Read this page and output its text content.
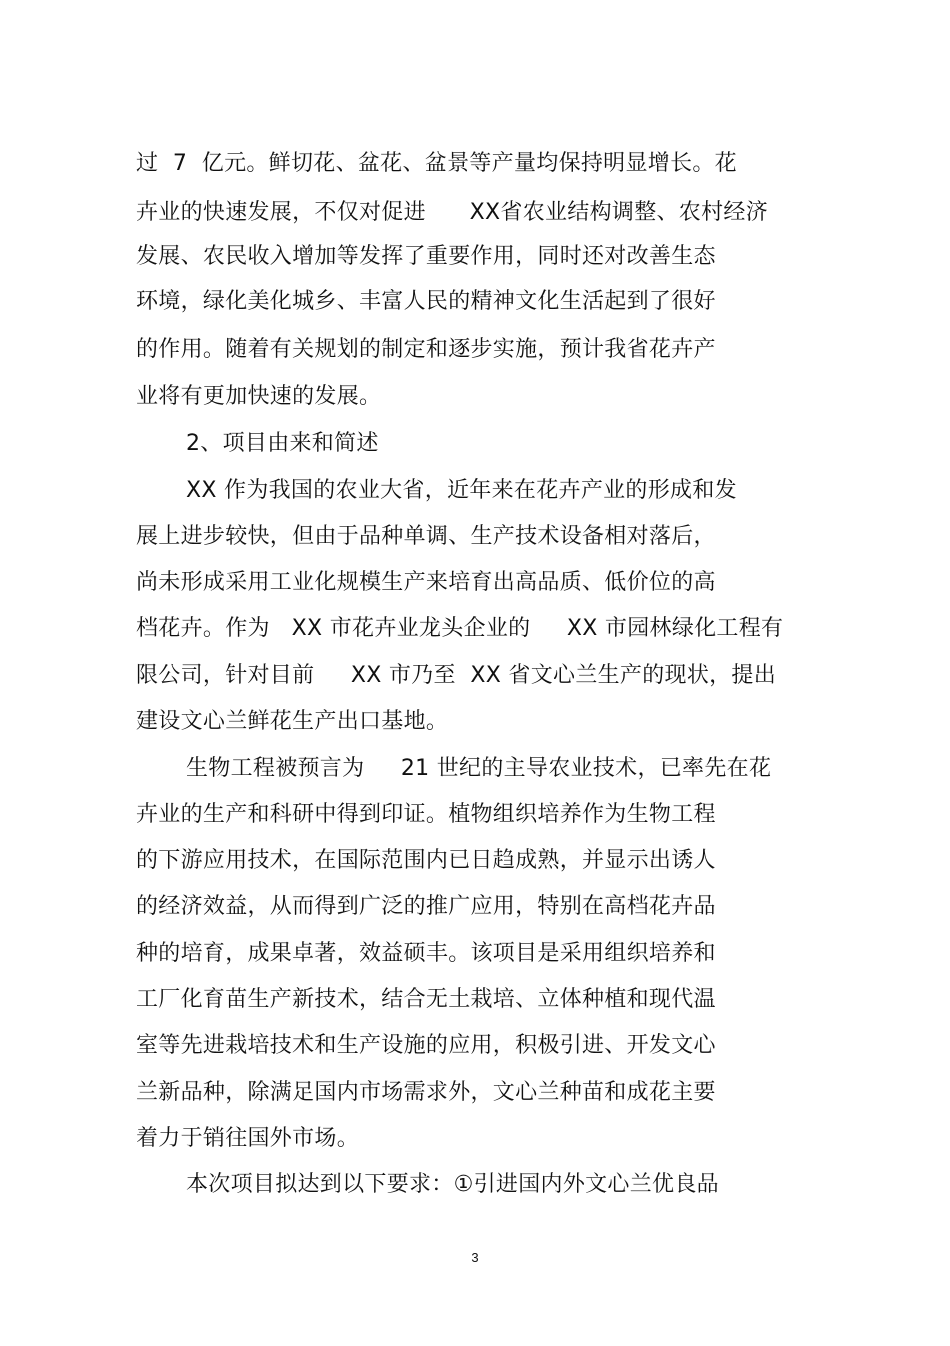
过  7  亿元。鲜切花、盆花、盆景等产量均保持明显增长。花
卉业的快速发展，不仅对促进      XX省农业结构调整、农村经济
发展、农民收入增加等发挥了重要作用，同时还对改善生态
环境，绿化美化城乡、丰富人民的精神文化生活起到了很好
的作用。随着有关规划的制定和逐步实施，预计我省花卉产
业将有更加快速的发展。
2、项目由来和简述
XX 作为我国的农业大省，近年来在花卉产业的形成和发
展上进步较快，但由于品种单调、生产技术设备相对落后，
尚未形成采用工业化规模生产来培育出高品质、低价位的高
档花卉。作为   XX 市花卉业龙头企业的     XX 市园林绿化工程有
限公司，针对目前     XX 市乃至  XX 省文心兰生产的现状，提出
建设文心兰鲜花生产出口基地。
生物工程被预言为     21 世纪的主导农业技术，已率先在花
卉业的生产和科研中得到印证。植物组织培养作为生物工程
的下游应用技术，在国际范围内已日趋成熟，并显示出诱人
的经济效益，从而得到广泛的推广应用，特别在高档花卉品
种的培育，成果卓著，效益硕丰。该项目是采用组织培养和
工厂化育苗生产新技术，结合无土栽培、立体种植和现代温
室等先进栽培技术和生产设施的应用，积极引进、开发文心
兰新品种，除满足国内市场需求外，文心兰种苗和成花主要
着力于销往国外市场。
本次项目拟达到以下要求：①引进国内外文心兰优良品
3
